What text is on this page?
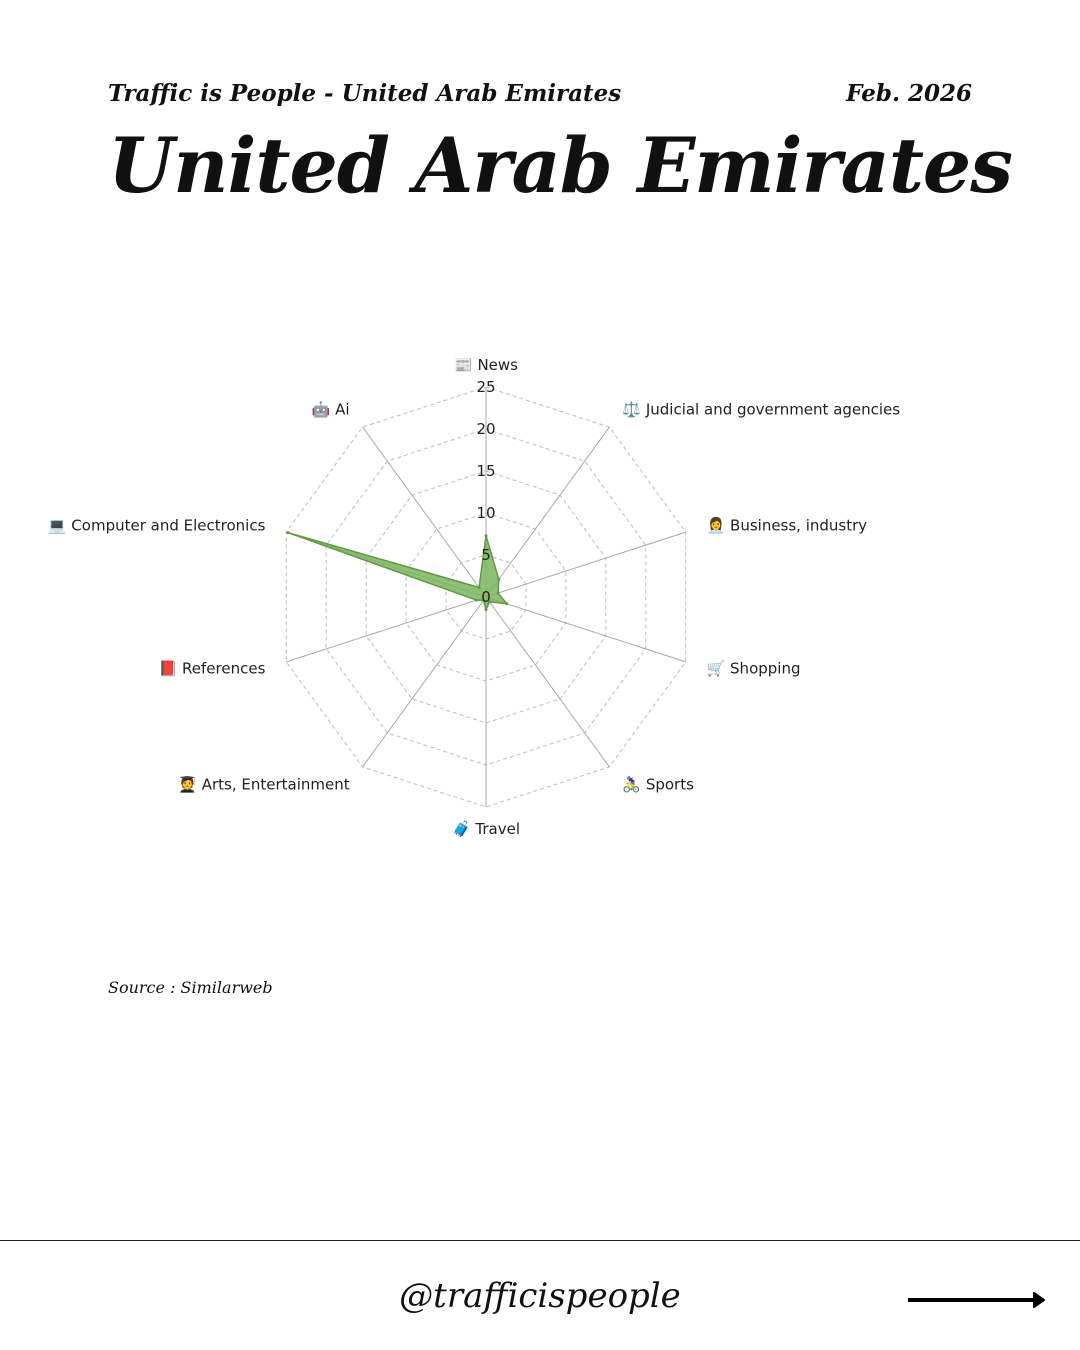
Traffic is People - United Arab Emirates	Feb. 2026
United Arab Emirates
0
5
10
15
20
25
📰 News
⚖️ Judicial and government agencies
👩‍💼 Business, industry
🛒 Shopping
🚴‍♀️ Sports
🧳 Travel
🧑‍🎓 Arts, Entertainment
📕 References
💻 Computer and Electronics
🤖 Ai
Source : Similarweb
@trafficispeople
